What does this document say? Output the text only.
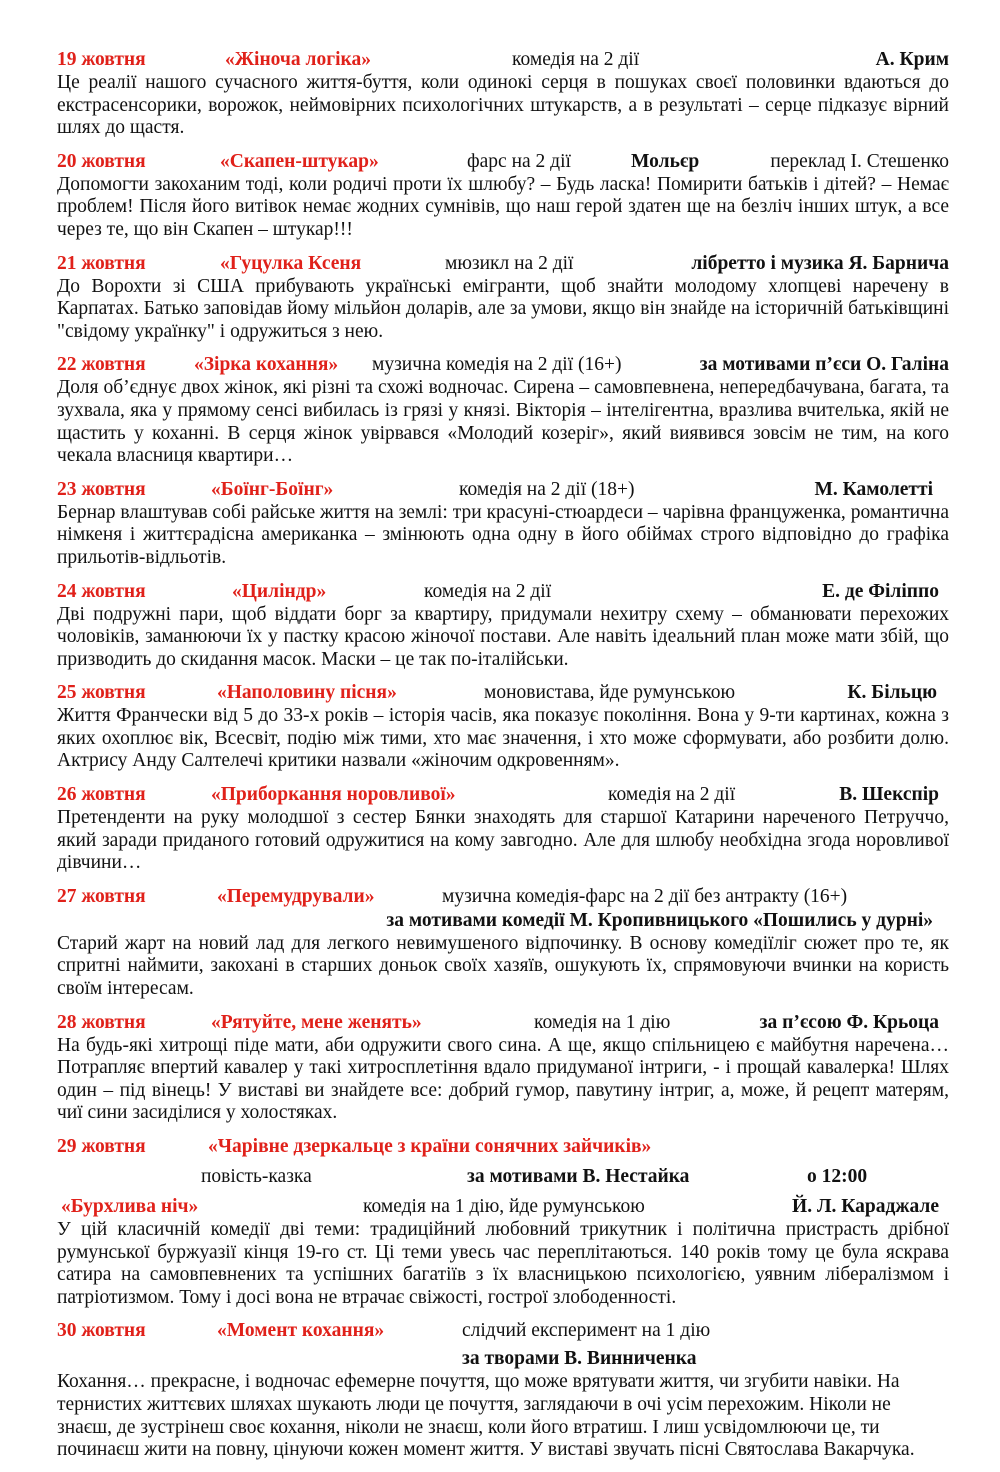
19 жовтня	«Жіноча логіка»	комедія на 2 дії	А. Крим

Це реалії нашого сучасного життя-буття, коли одинокі серця в пошуках своєї половинки вдаються до екстрасенсорики, ворожок, неймовірних психологічних штукарств, а в результаті – серце підказує вірний шлях до щастя.

20 жовтня	«Скапен-штукар»	фарс на 2 дії	Мольєр	переклад І. Стешенко

Допомогти закоханим тоді, коли родичі проти їх шлюбу? – Будь ласка! Помирити батьків і дітей? – Немає проблем! Після його витівок немає жодних сумнівів, що наш герой здатен ще на безліч інших штук, а все через те, що він Скапен – штукар!!!

21 жовтня	«Гуцулка Ксеня	мюзикл на 2 дії	лібретто і музика Я. Барнича

До Ворохти зі США прибувають українські емігранти, щоб знайти молодому хлопцеві наречену в Карпатах. Батько заповідав йому мільйон доларів, але за умови, якщо він знайде на історичній батьківщині "свідому українку" і одружиться з нею.

22 жовтня «Зірка кохання» музична комедія на 2 дії (16+)	за мотивами п’єси О. Галіна

Доля об’єднує двох жінок, які різні та схожі водночас. Сирена – самовпевнена, непередбачувана, багата, та зухвала, яка у прямому сенсі вибилась із грязі у князі. Вікторія – інтелігентна, вразлива вчителька, якій не щастить у коханні. В серця жінок увірвався «Молодий козеріг», який виявився зовсім не тим, на кого чекала власниця квартири…

23 жовтня	«Боїнг-Боїнг»	комедія на 2 дії (18+)	М. Камолетті

Бернар влаштував собі райське життя на землі: три красуні-стюардеси – чарівна француженка, романтична німкеня і життєрадісна американка – змінюють одна одну в його обіймах строго відповідно до графіка прильотів-відльотів.

24 жовтня	«Циліндр»	комедія на 2 дії	Е. де Філіппо

Дві подружні пари, щоб віддати борг за квартиру, придумали нехитру схему – обманювати перехожих чоловіків, заманюючи їх у пастку красою жіночої постави. Але навіть ідеальний план може мати збій, що призводить до скидання масок. Маски – це так по-італійськи.

25 жовтня	«Наполовину пісня»	моновистава, йде румунською	К. Більцю

Життя Франчески від 5 до 33-х років – історія часів, яка показує покоління. Вона у 9-ти картинах, кожна з яких охоплює вік, Всесвіт, подію між тими, хто має значення, і хто може сформувати, або розбити долю. Актрису Анду Салтелечі критики назвали «жіночим одкровенням».

26 жовтня	«Приборкання норовливої»	комедія на 2 дії	В. Шекспір

Претенденти на руку молодшої з сестер Бянки знаходять для старшої Катарини нареченого Петруччо, який заради приданого готовий одружитися на кому завгодно. Але для шлюбу необхідна згода норовливої дівчини…

27 жовтня	«Перемудрували»	музична комедія-фарс на 2 дії без антракту (16+)
за мотивами комедії М. Кропивницького «Пошились у дурні»

Старий жарт на новий лад для легкого невимушеного відпочинку. В основу комедіїліг сюжет про те, як спритні наймити, закохані в старших доньок своїх хазяїв, ошукують їх, спрямовуючи вчинки на користь своїм інтересам.

28 жовтня	«Рятуйте, мене женять»	комедія на 1 дію	за п’єсою Ф. Крьоца

На будь-які хитрощі піде мати, аби одружити свого сина. А ще, якщо спільницею є майбутня наречена… Потрапляє впертий кавалер у такі хитросплетіння вдало придуманої інтриги, - і прощай кавалерка! Шлях один – під вінець! У виставі ви знайдете все: добрий гумор, павутину інтриг, а, може, й рецепт матерям, чиї сини засиділися у холостяках.

29 жовтня	«Чарівне дзеркальце з країни сонячних зайчиків»
повість-казка	за мотивами В. Нестайка	о 12:00
«Бурхлива ніч»	комедія на 1 дію, йде румунською	Й. Л. Караджале

У цій класичній комедії дві теми: традиційний любовний трикутник і політична пристрасть дрібної румунської буржуазії кінця 19-го ст. Ці теми увесь час переплітаються. 140 років тому це була яскрава сатира на самовпевнених та успішних багатіїв з їх власницькою психологією, уявним лібералізмом і патріотизмом. Тому і досі вона не втрачає свіжості, гострої злободенності.

30 жовтня	«Момент кохання»	слідчий експеримент на 1 дію
за творами В. Винниченка

Кохання… прекрасне, і водночас ефемерне почуття, що може врятувати життя, чи згубити навіки. На тернистих життєвих шляхах шукають люди це почуття, заглядаючи в очі усім перехожим. Ніколи не знаєш, де зустрінеш своє кохання, ніколи не знаєш, коли його втратиш. І лиш усвідомлюючи це, ти починаєш жити на повну, цінуючи кожен момент життя. У виставі звучать пісні Святослава Вакарчука.
